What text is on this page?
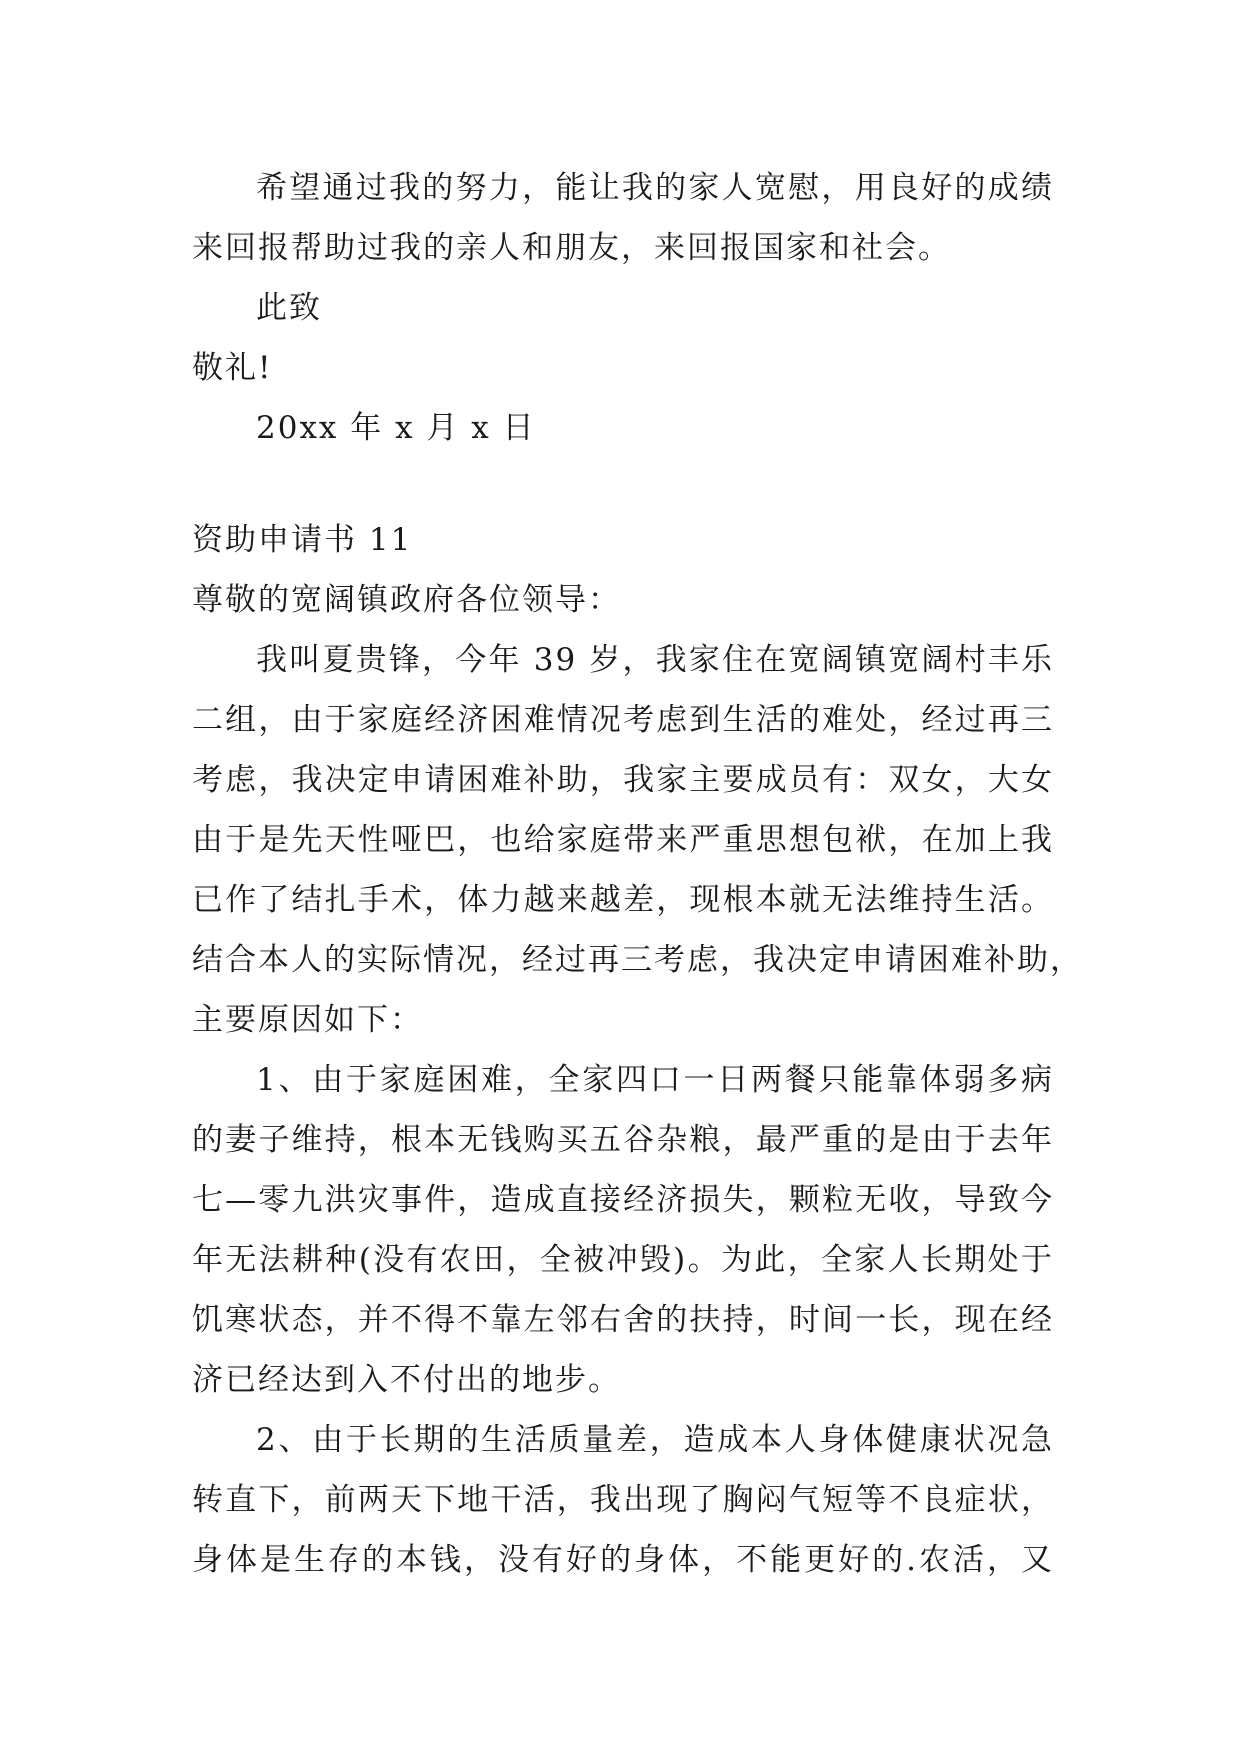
希望通过我的努力，能让我的家人宽慰，用良好的成绩
来回报帮助过我的亲人和朋友，来回报国家和社会。
此致
敬礼!
20xx 年 x 月 x 日
资助申请书 11
尊敬的宽阔镇政府各位领导：
我叫夏贵锋，今年 39 岁，我家住在宽阔镇宽阔村丰乐
二组，由于家庭经济困难情况考虑到生活的难处，经过再三
考虑，我决定申请困难补助，我家主要成员有：双女，大女
由于是先天性哑巴，也给家庭带来严重思想包袱，在加上我
已作了结扎手术，体力越来越差，现根本就无法维持生活。
结合本人的实际情况，经过再三考虑，我决定申请困难补助，
主要原因如下：
1、由于家庭困难，全家四口一日两餐只能靠体弱多病
的妻子维持，根本无钱购买五谷杂粮，最严重的是由于去年
七—零九洪灾事件，造成直接经济损失，颗粒无收，导致今
年无法耕种(没有农田，全被冲毁)。为此，全家人长期处于
饥寒状态，并不得不靠左邻右舍的扶持，时间一长，现在经
济已经达到入不付出的地步。
2、由于长期的生活质量差，造成本人身体健康状况急
转直下，前两天下地干活，我出现了胸闷气短等不良症状，
身体是生存的本钱，没有好的身体，不能更好的.农活，又
